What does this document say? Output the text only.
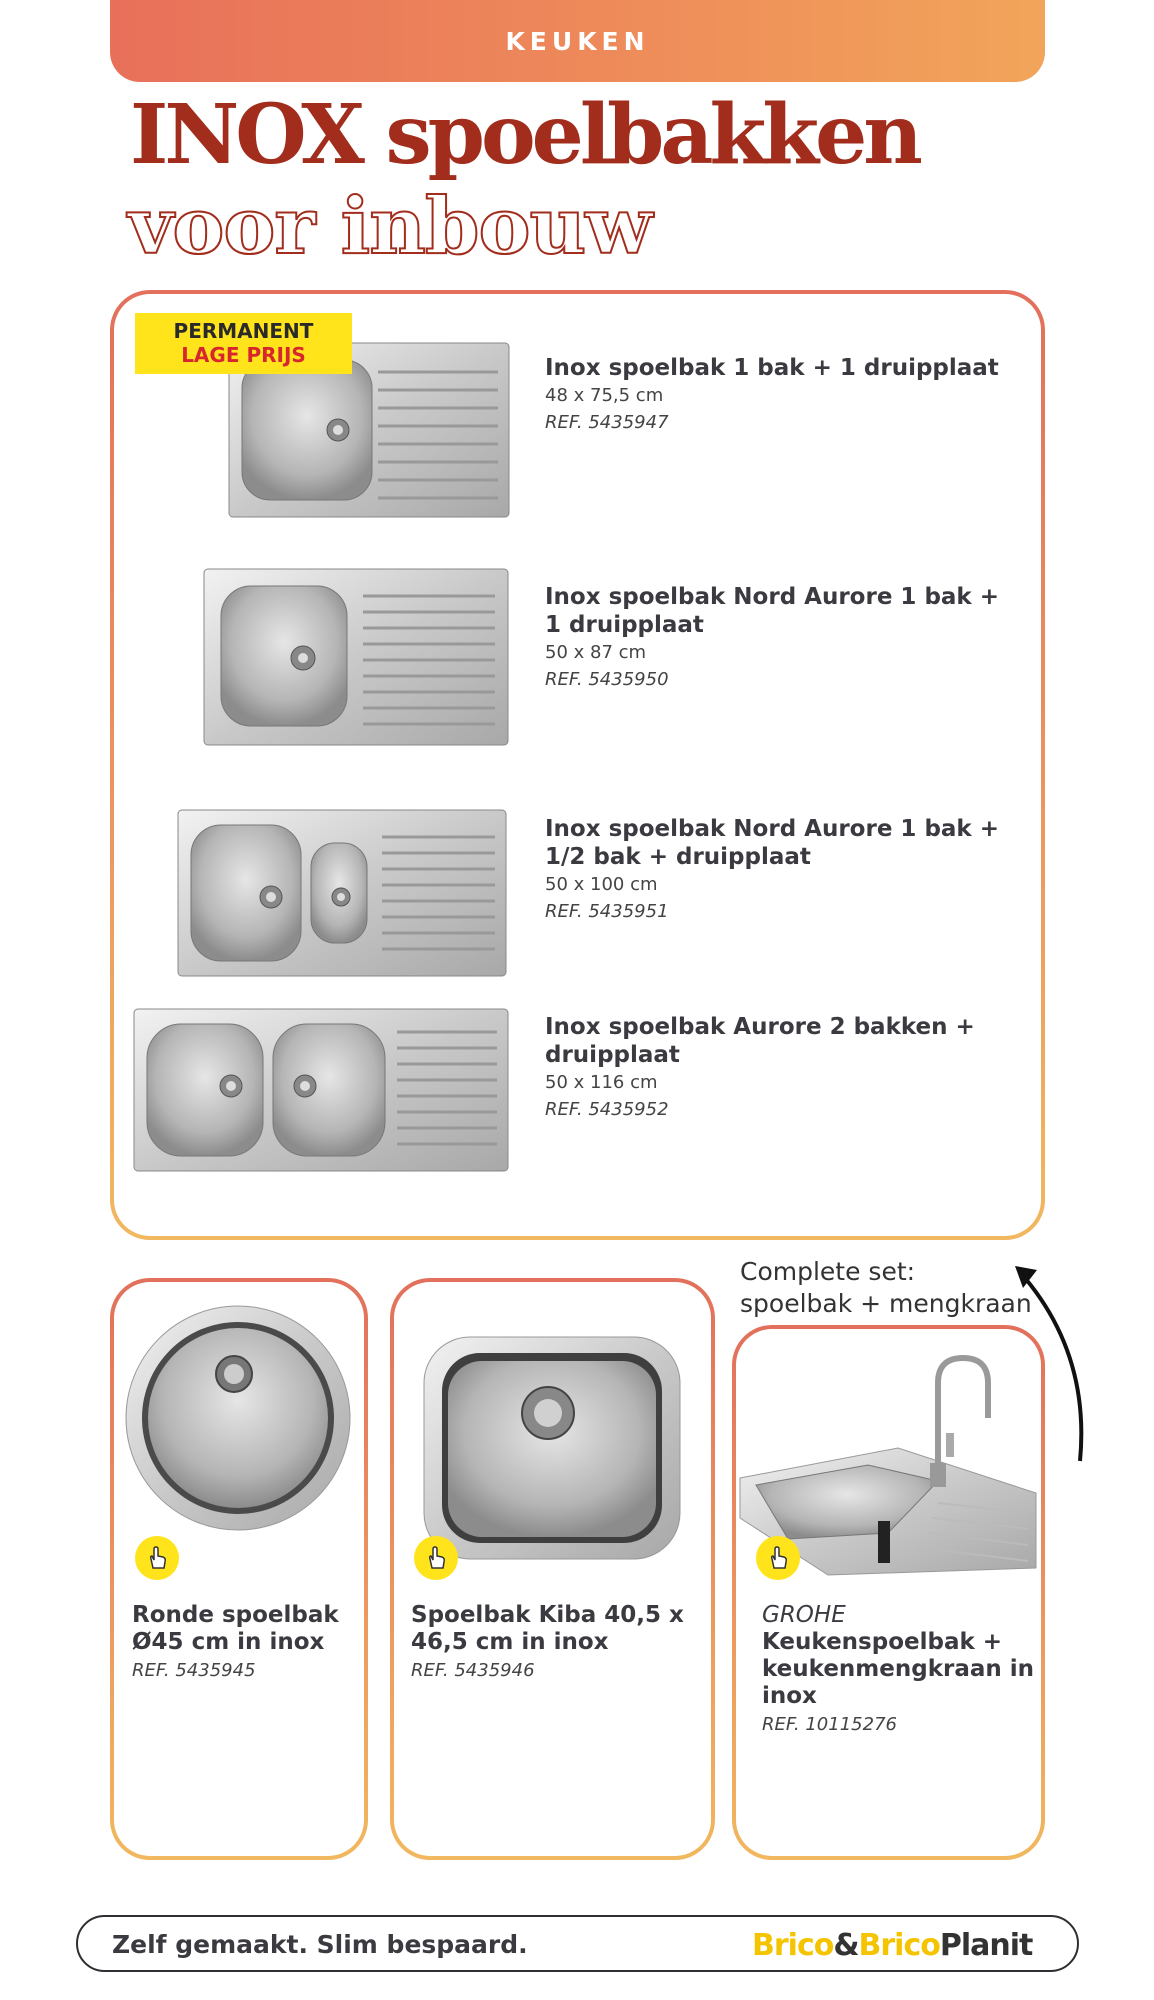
KEUKEN
INOX spoelbakken
voor inbouw
PERMANENT
LAGE PRIJS	Inox spoelbak 1 bak + 1 druipplaat
48 x 75,5 cm
REF. 5435947
Inox spoelbak Nord Aurore 1 bak + 1 druipplaat
50 x 87 cm
REF. 5435950
Inox spoelbak Nord Aurore 1 bak + 1/2 bak + druipplaat
50 x 100 cm
REF. 5435951
Inox spoelbak Aurore 2 bakken + druipplaat
50 x 116 cm
REF. 5435952
Ronde spoelbak Ø45 cm in inox
REF. 5435945
Spoelbak Kiba 40,5 x 46,5 cm in inox
REF. 5435946
GROHE
Keukenspoelbak + keukenmengkraan in inox
REF. 10115276
Complete set:
spoelbak + mengkraan
Zelf gemaakt. Slim bespaard.	Brico&BricoPlanit
